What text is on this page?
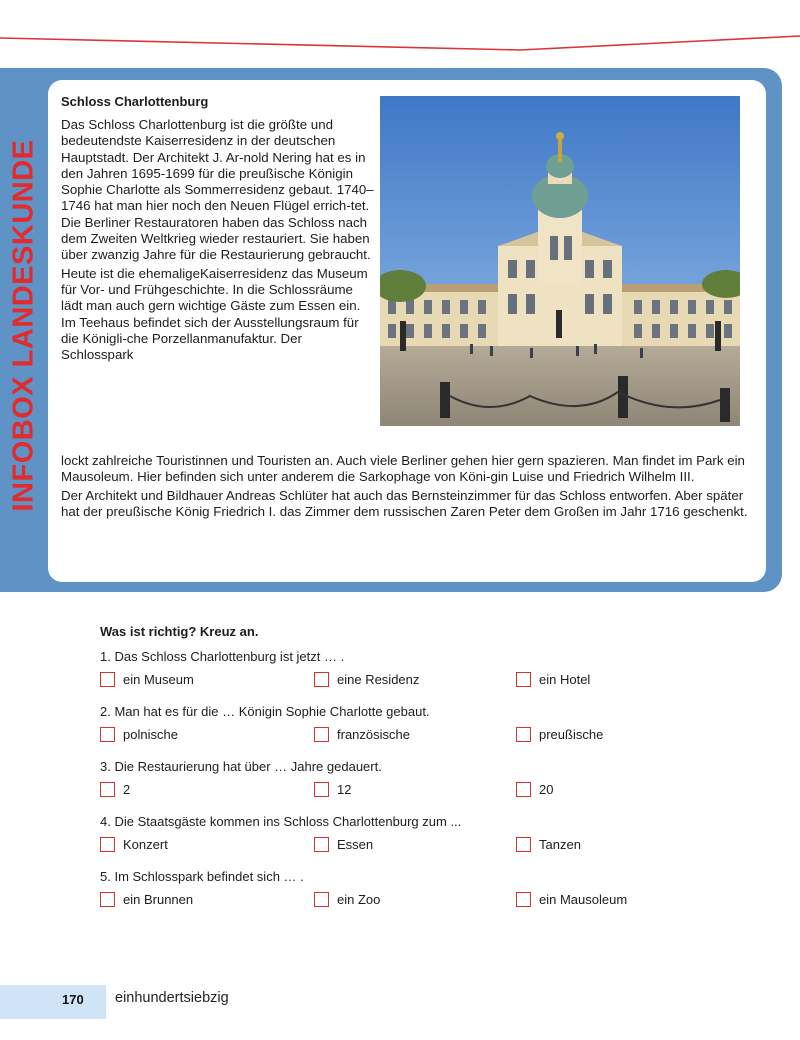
INFOBOX LANDESKUNDE
Schloss Charlottenburg

Das Schloss Charlottenburg ist die größte und bedeutendste Kaiserresidenz in der deutschen Hauptstadt. Der Architekt J. Ar-nold Nering hat es in den Jahren 1695-1699 für die preußische Königin Sophie Charlotte als Sommerresidenz gebaut. 1740–1746 hat man hier noch den Neuen Flügel errich-tet. Die Berliner Restauratoren haben das Schloss nach dem Zweiten Weltkrieg wieder restauriert. Sie haben über zwanzig Jahre für die Restaurierung gebraucht.

Heute ist die ehemaligeKaiserresidenz das Museum für Vor- und Frühgeschichte. In die Schlossräume lädt man auch gern wichtige Gäste zum Essen ein. Im Teehaus befindet sich der Ausstellungsraum für die Königli-che Porzellanmanufaktur. Der Schlosspark

lockt zahlreiche Touristinnen und Touristen an. Auch viele Berliner gehen hier gern spazieren. Man findet im Park ein Mausoleum. Hier befinden sich unter anderem die Sarkophage von Köni-gin Luise und Friedrich Wilhelm III.

Der Architekt und Bildhauer Andreas Schlüter hat auch das Bernsteinzimmer für das Schloss entworfen. Aber später hat der preußische König Friedrich I. das Zimmer dem russischen Zaren Peter dem Großen im Jahr 1716 geschenkt.

Was ist richtig? Kreuz an.
1. Das Schloss Charlottenburg ist jetzt … .
ein Museum	eine Residenz	ein Hotel
2. Man hat es für die … Königin Sophie Charlotte gebaut.
polnische	französische	preußische
3. Die Restaurierung hat über … Jahre gedauert.
2	12	20
4. Die Staatsgäste kommen ins Schloss Charlottenburg zum ...
Konzert	Essen	Tanzen
5. Im Schlosspark befindet sich … .
ein Brunnen	ein Zoo	ein Mausoleum
170 einhundertsiebzig
